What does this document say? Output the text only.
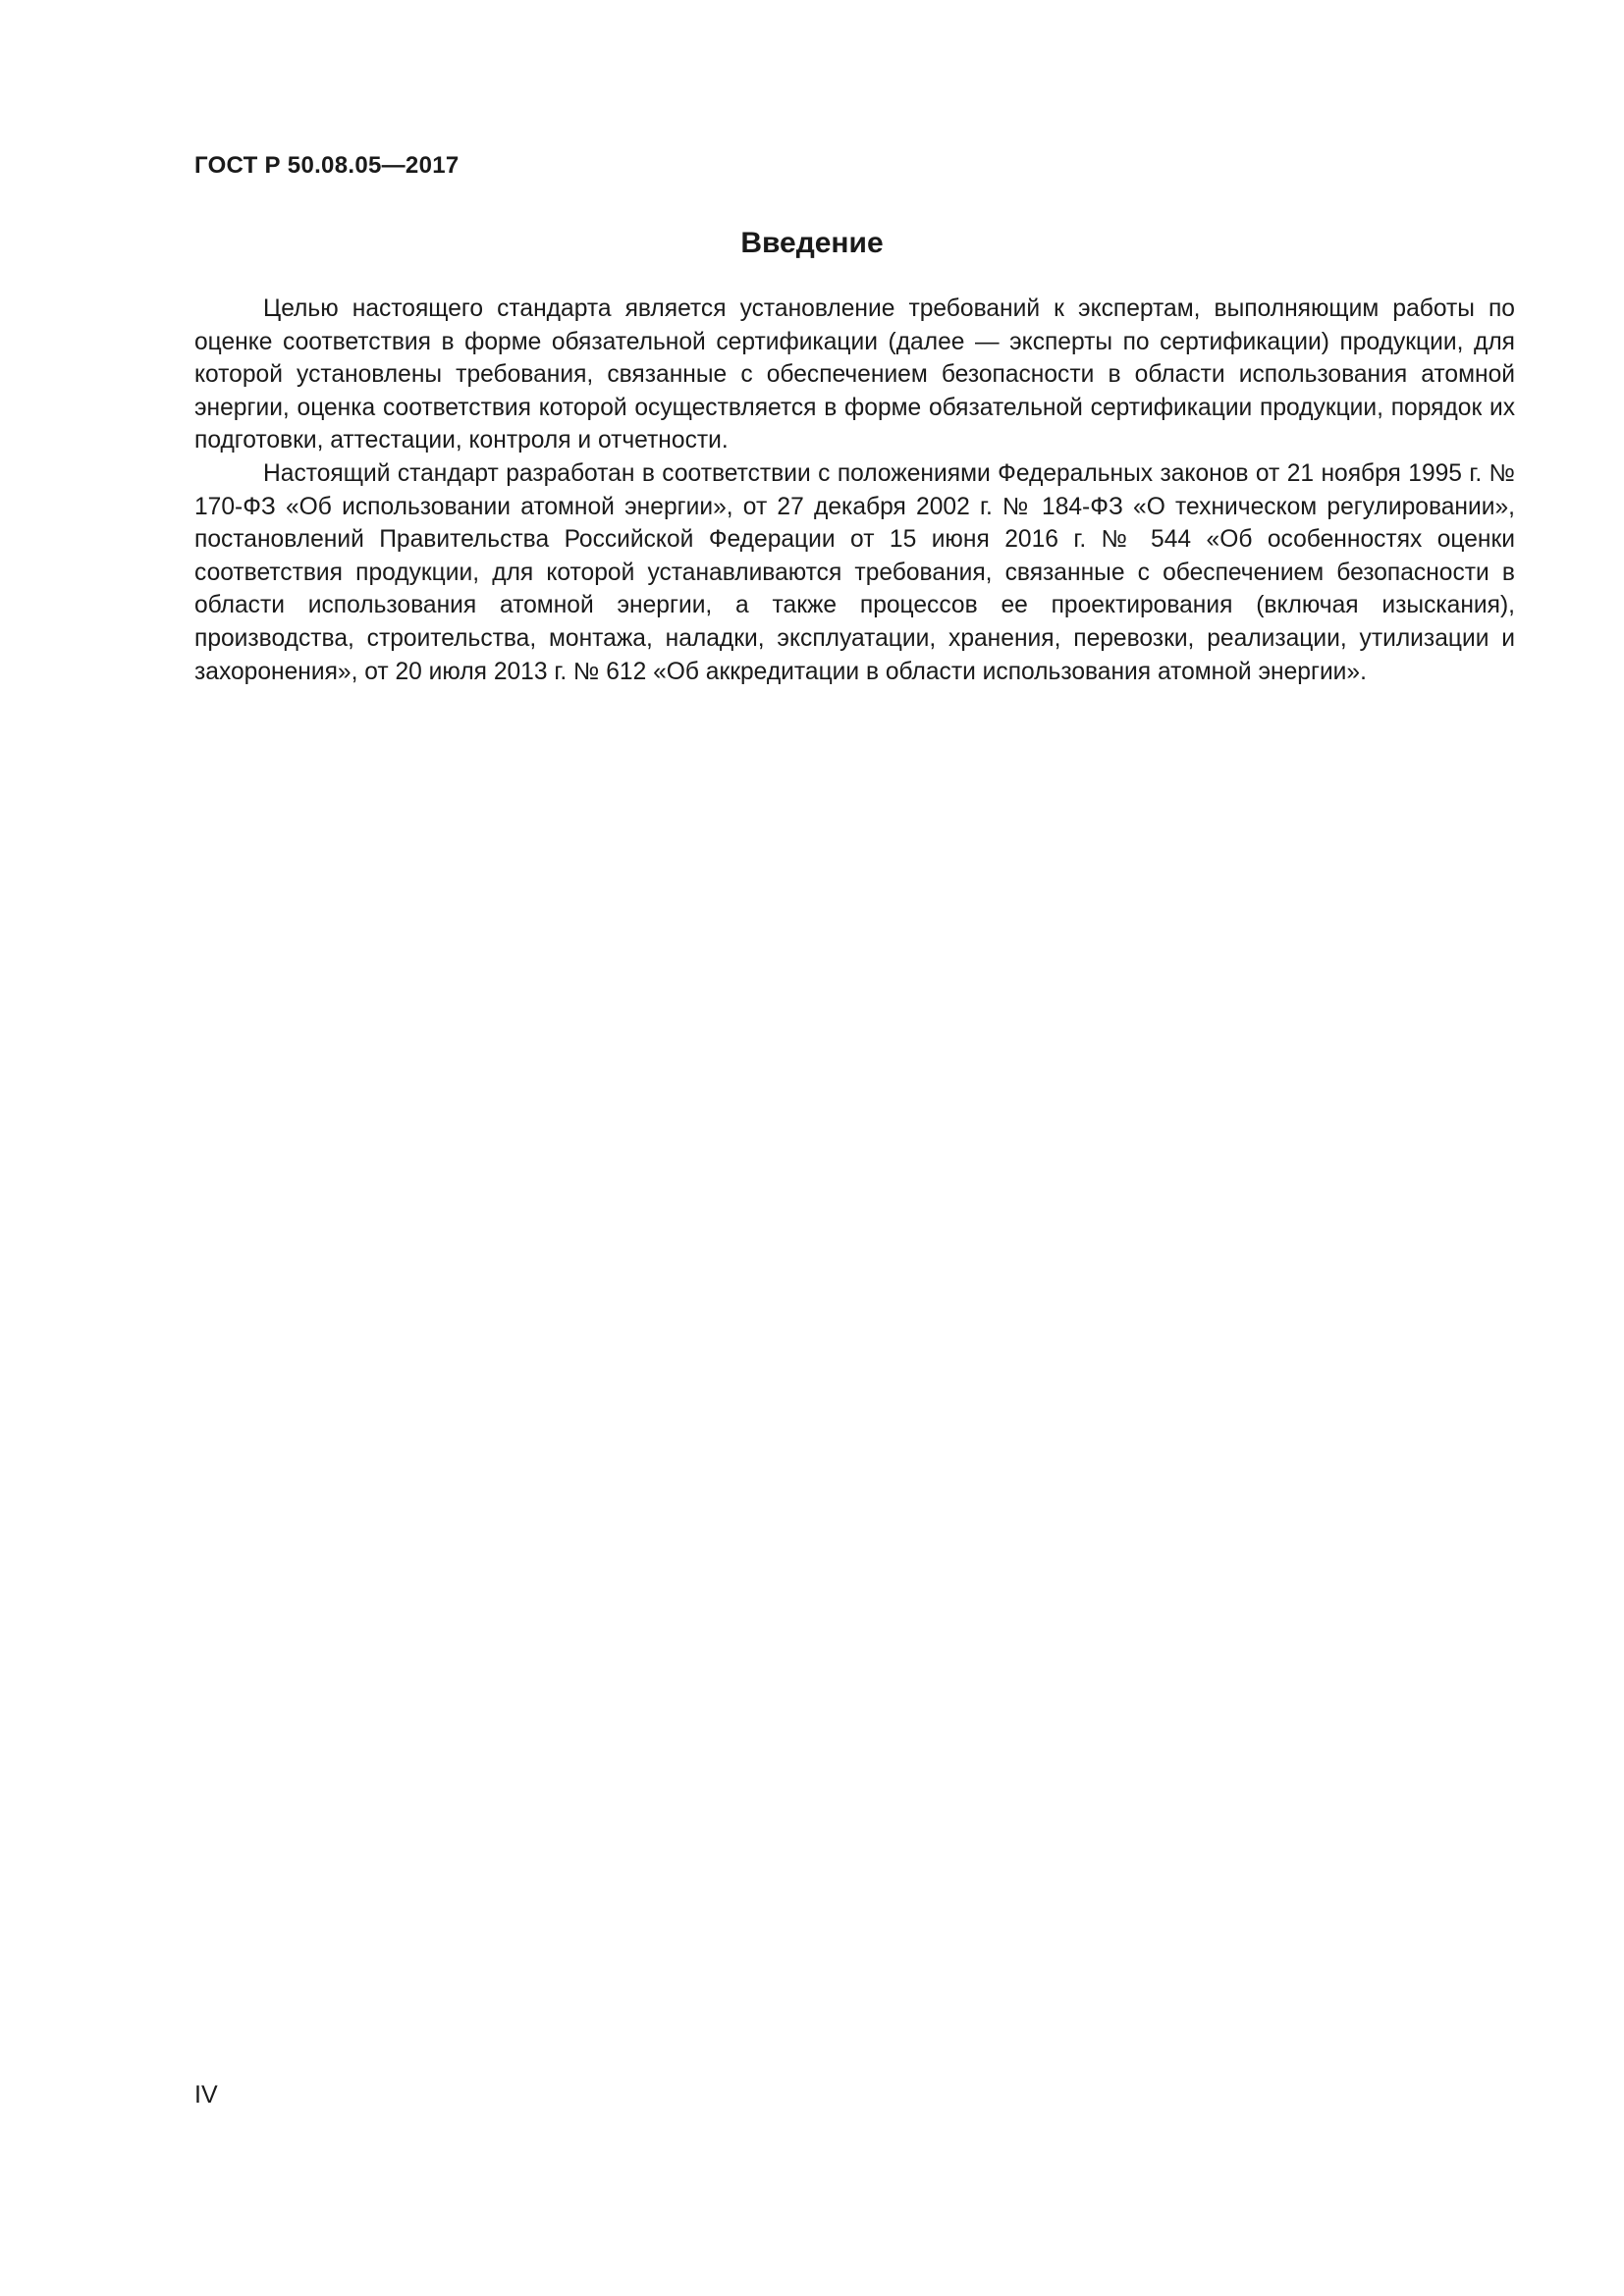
ГОСТ Р 50.08.05—2017
Введение

Целью настоящего стандарта является установление требований к экспертам, выполняющим работы по оценке соответствия в форме обязательной сертификации (далее — эксперты по сертификации) продукции, для которой установлены требования, связанные с обеспечением безопасности в области использования атомной энергии, оценка соответствия которой осуществляется в форме обязательной сертификации продукции, порядок их подготовки, аттестации, контроля и отчетности.

Настоящий стандарт разработан в соответствии с положениями Федеральных законов от 21 ноября 1995 г. № 170-ФЗ «Об использовании атомной энергии», от 27 декабря 2002 г. № 184-ФЗ «О техническом регулировании», постановлений Правительства Российской Федерации от 15 июня 2016 г. № 544 «Об особенностях оценки соответствия продукции, для которой устанавливаются требования, связанные с обеспечением безопасности в области использования атомной энергии, а также процессов ее проектирования (включая изыскания), производства, строительства, монтажа, наладки, эксплуатации, хранения, перевозки, реализации, утилизации и захоронения», от 20 июля 2013 г. № 612 «Об аккредитации в области использования атомной энергии».

IV
